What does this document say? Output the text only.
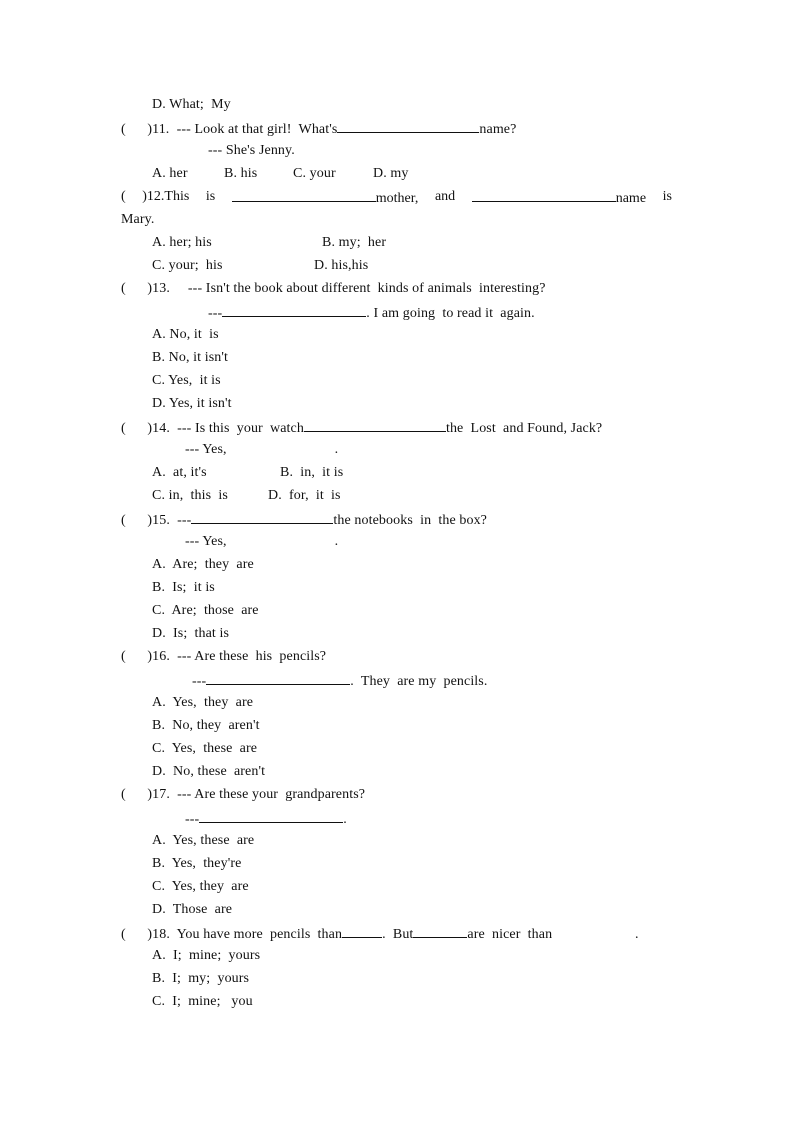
D. What;  My
(      )11.  --- Look at that girl!  What's	name?
--- She's Jenny.
A. her	B. his	C. your	D. my
( )12.This is	mother, and	name is
Mary.
A. her; his	B. my;  her
C. your;  his	D. his,his
(      )13.     --- Isn't the book about different  kinds of animals  interesting?
---	. I am going  to read it  again.
A. No, it  is
B. No, it isn't
C. Yes,  it is
D. Yes, it isn't
(      )14.  --- Is this  your  watch	the  Lost  and Found, Jack?
--- Yes,                              .
A.  at, it's	B.  in,  it is
C. in,  this  is	D.  for,  it  is
(      )15.  ---	the notebooks  in  the box?
--- Yes,                              .
A.  Are;  they  are
B.  Is;  it is
C.  Are;  those  are
D.  Is;  that is
(      )16.  --- Are these  his  pencils?
---	.  They  are my  pencils.
A.  Yes,  they  are
B.  No, they  aren't
C.  Yes,  these  are
D.  No, these  aren't
(      )17.  --- Are these your  grandparents?
---	.
A.  Yes, these  are
B.  Yes,  they're
C.  Yes, they  are
D.  Those  are
(      )18.  You have more  pencils  than	.  But	are  nicer  than                       .
A.  I;  mine;  yours
B.  I;  my;  yours
C.  I;  mine;   you
